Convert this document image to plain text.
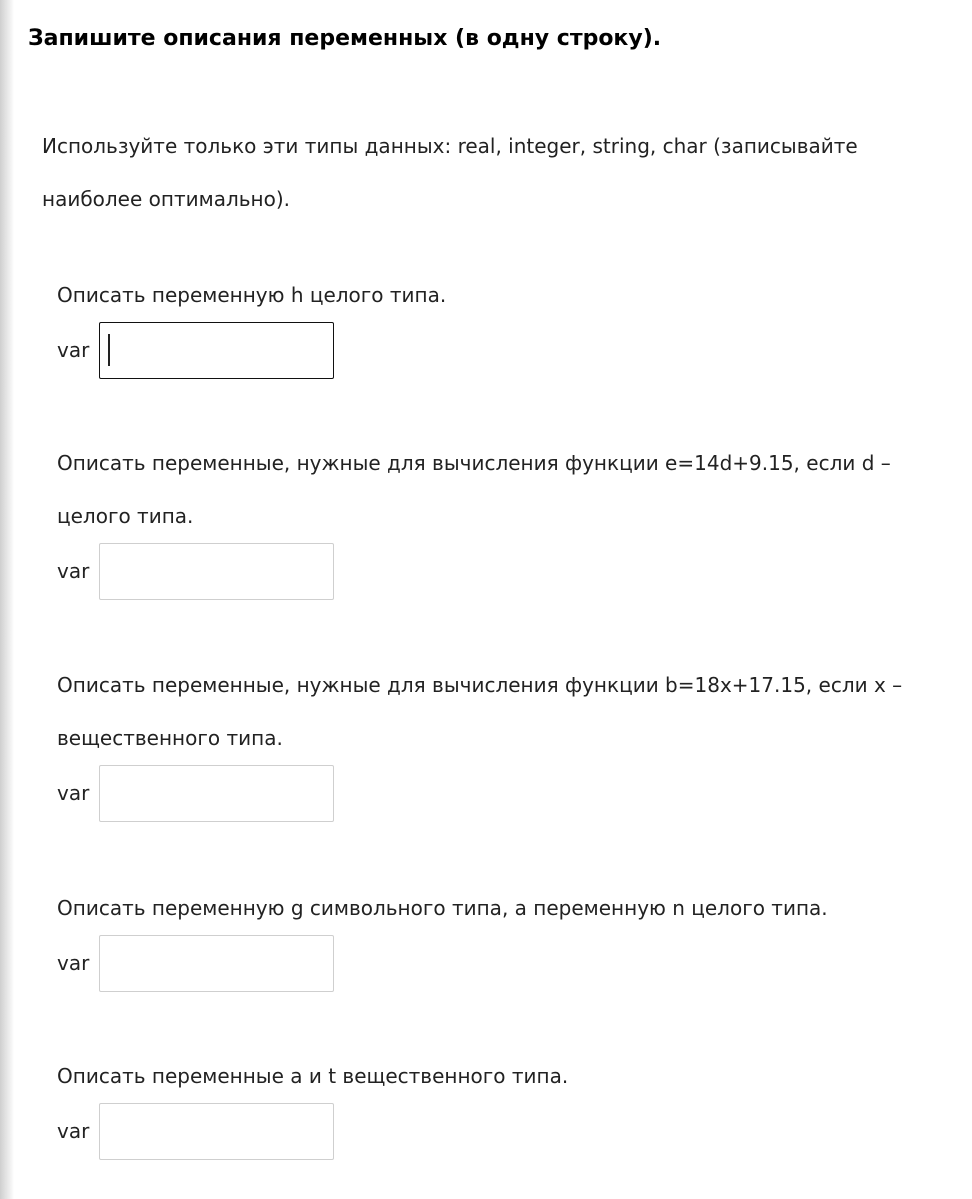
Запишите описания переменных (в одну строку).
Используйте только эти типы данных: real, integer, string, char (записывайте наиболее оптимально).
Описать переменную h целого типа.
var
Описать переменные, нужные для вычисления функции e=14d+9.15, если d – целого типа.
var
Описать переменные, нужные для вычисления функции b=18x+17.15, если x – вещественного типа.
var
Описать переменную g символьного типа, а переменную n целого типа.
var
Описать переменные a и t вещественного типа.
var
